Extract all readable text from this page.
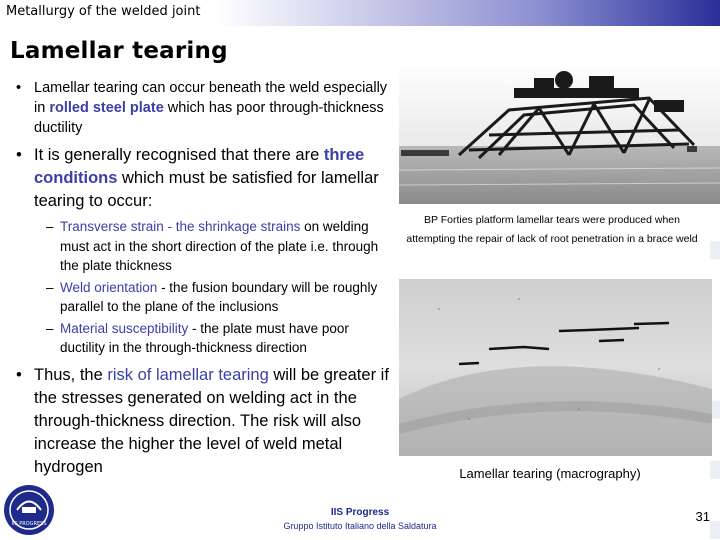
Metallurgy of the welded joint
Lamellar tearing
• Lamellar tearing can occur beneath the weld especially in rolled steel plate which has poor through-thickness ductility
• It is generally recognised that there are three conditions which must be satisfied for lamellar tearing to occur:
– Transverse strain - the shrinkage strains on welding must act in the short direction of the plate i.e. through the plate thickness
– Weld orientation - the fusion boundary will be roughly parallel to the plane of the inclusions
– Material susceptibility - the plate must have poor ductility in the through-thickness direction
• Thus, the risk of lamellar tearing will be greater if the stresses generated on welding act in the through-thickness direction. The risk will also increase the higher the level of weld metal hydrogen
BP Forties platform lamellar tears were produced when attempting the repair of lack of root penetration in a brace weld
Lamellar tearing (macrography)
IIS PROGRESS
IIS Progress
Gruppo Istituto Italiano della Saldatura
31
